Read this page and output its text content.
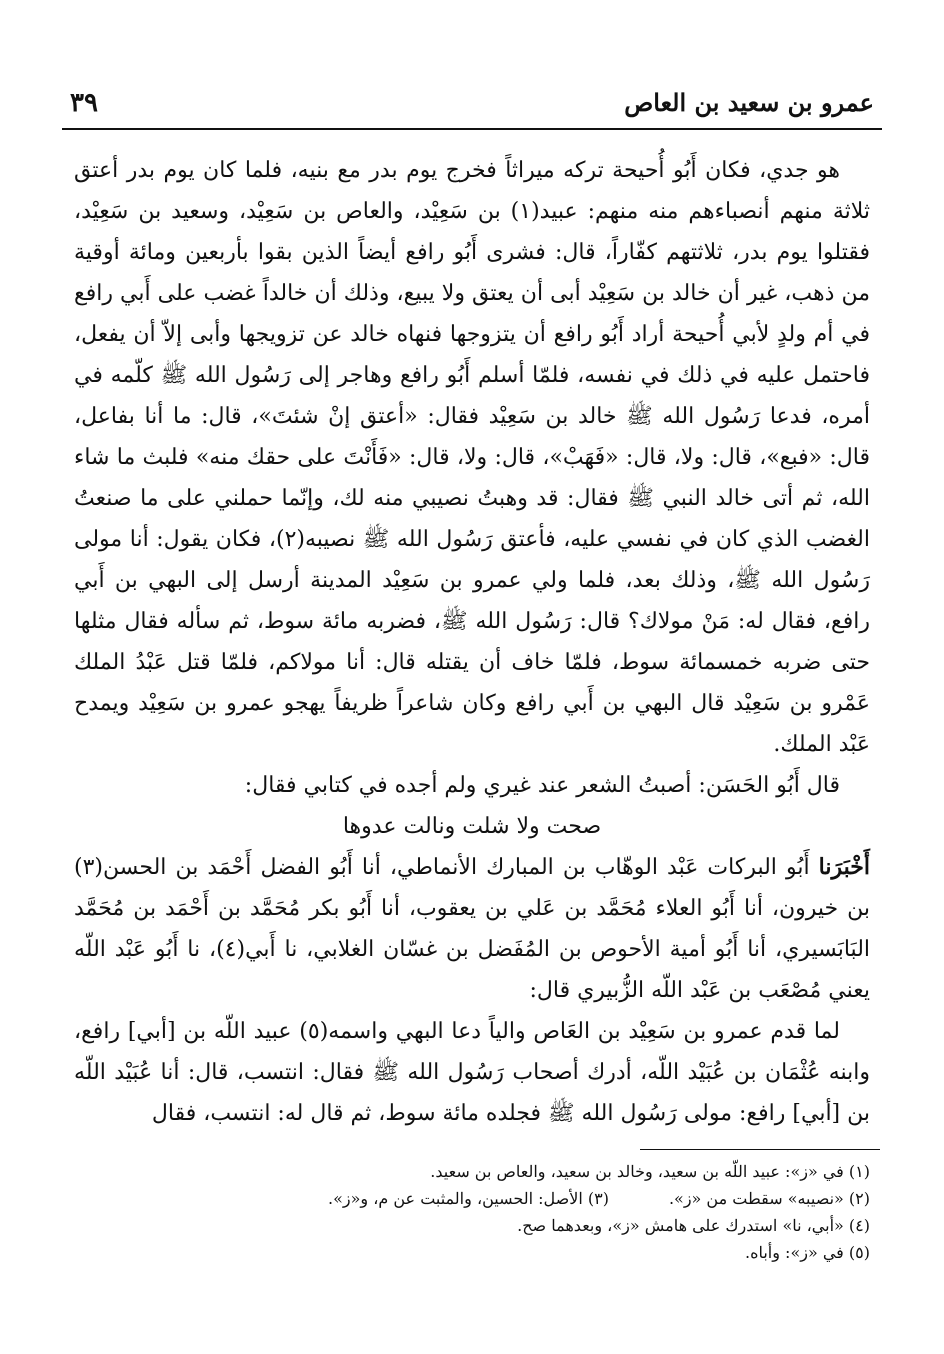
عمرو بن سعيد بن العاص
٣٩

هو جدي، فكان أَبُو أُحيحة تركه ميراثاً فخرج يوم بدر مع بنيه، فلما كان يوم بدر أعتق ثلاثة منهم أنصباءهم منه منهم: عبيد(١) بن سَعِيْد، والعاص بن سَعِيْد، وسعيد بن سَعِيْد، فقتلوا يوم بدر، ثلاثتهم كفّاراً، قال: فشرى أَبُو رافع أيضاً الذين بقوا بأربعين ومائة أوقية من ذهب، غير أن خالد بن سَعِيْد أبى أن يعتق ولا يبيع، وذلك أن خالداً غضب على أَبي رافع في أم ولدٍ لأبي أُحيحة أراد أَبُو رافع أن يتزوجها فنهاه خالد عن تزويجها وأبى إلاّ أن يفعل، فاحتمل عليه في ذلك في نفسه، فلمّا أسلم أَبُو رافع وهاجر إلى رَسُول الله ﷺ كلّمه في أمره، فدعا رَسُول الله ﷺ خالد بن سَعِيْد فقال: «أعتق إنْ شئتَ»، قال: ما أنا بفاعل، قال: «فبع»، قال: ولا، قال: «فَهَبْ»، قال: ولا، قال: «فَأَنْتَ على حقك منه» فلبث ما شاء الله، ثم أتى خالد النبي ﷺ فقال: قد وهبتُ نصيبي منه لك، وإنّما حملني على ما صنعتُ الغضب الذي كان في نفسي عليه، فأعتق رَسُول الله ﷺ نصيبه(٢)، فكان يقول: أنا مولى رَسُول الله ﷺ، وذلك بعد، فلما ولي عمرو بن سَعِيْد المدينة أرسل إلى البهي بن أَبي رافع، فقال له: مَنْ مولاك؟ قال: رَسُول الله ﷺ، فضربه مائة سوط، ثم سأله فقال مثلها حتى ضربه خمسمائة سوط، فلمّا خاف أن يقتله قال: أنا مولاكم، فلمّا قتل عَبْدُ الملك عَمْرو بن سَعِيْد قال البهي بن أَبي رافع وكان شاعراً ظريفاً يهجو عمرو بن سَعِيْد ويمدح عَبْد الملك.

قال أَبُو الحَسَن: أصبتُ الشعر عند غيري ولم أجده في كتابي فقال:

صحت ولا شلت ونالت عدوها

أَخْبَرَنا أَبُو البركات عَبْد الوهّاب بن المبارك الأنماطي، أنا أَبُو الفضل أَحْمَد بن الحسن(٣) بن خيرون، أنا أَبُو العلاء مُحَمَّد بن عَلي بن يعقوب، أنا أَبُو بكر مُحَمَّد بن أَحْمَد بن مُحَمَّد البَابَسيري، أنا أَبُو أمية الأحوص بن المُفَضل بن غسّان الغلابي، نا أَبي(٤)، نا أَبُو عَبْد اللّه يعني مُصْعَب بن عَبْد اللّه الزُّبيري قال:

لما قدم عمرو بن سَعِيْد بن العَاص والياً دعا البهي واسمه(٥) عبيد اللّه بن [أبي] رافع، وابنه عُثْمَان بن عُبَيْد اللّه، أدرك أصحاب رَسُول الله ﷺ فقال: انتسب، قال: أنا عُبَيْد اللّه بن [أبي] رافع: مولى رَسُول الله ﷺ فجلده مائة سوط، ثم قال له: انتسب، فقال

(١) في «ز»: عبيد اللّه بن سعيد، وخالد بن سعيد، والعاص بن سعيد.

(٢) «نصيبه» سقطت من «ز».

(٣) الأصل: الحسين، والمثبت عن م، و«ز».

(٤) «أبي، نا» استدرك على هامش «ز»، وبعدهما صح.

(٥) في «ز»: وأباه.
